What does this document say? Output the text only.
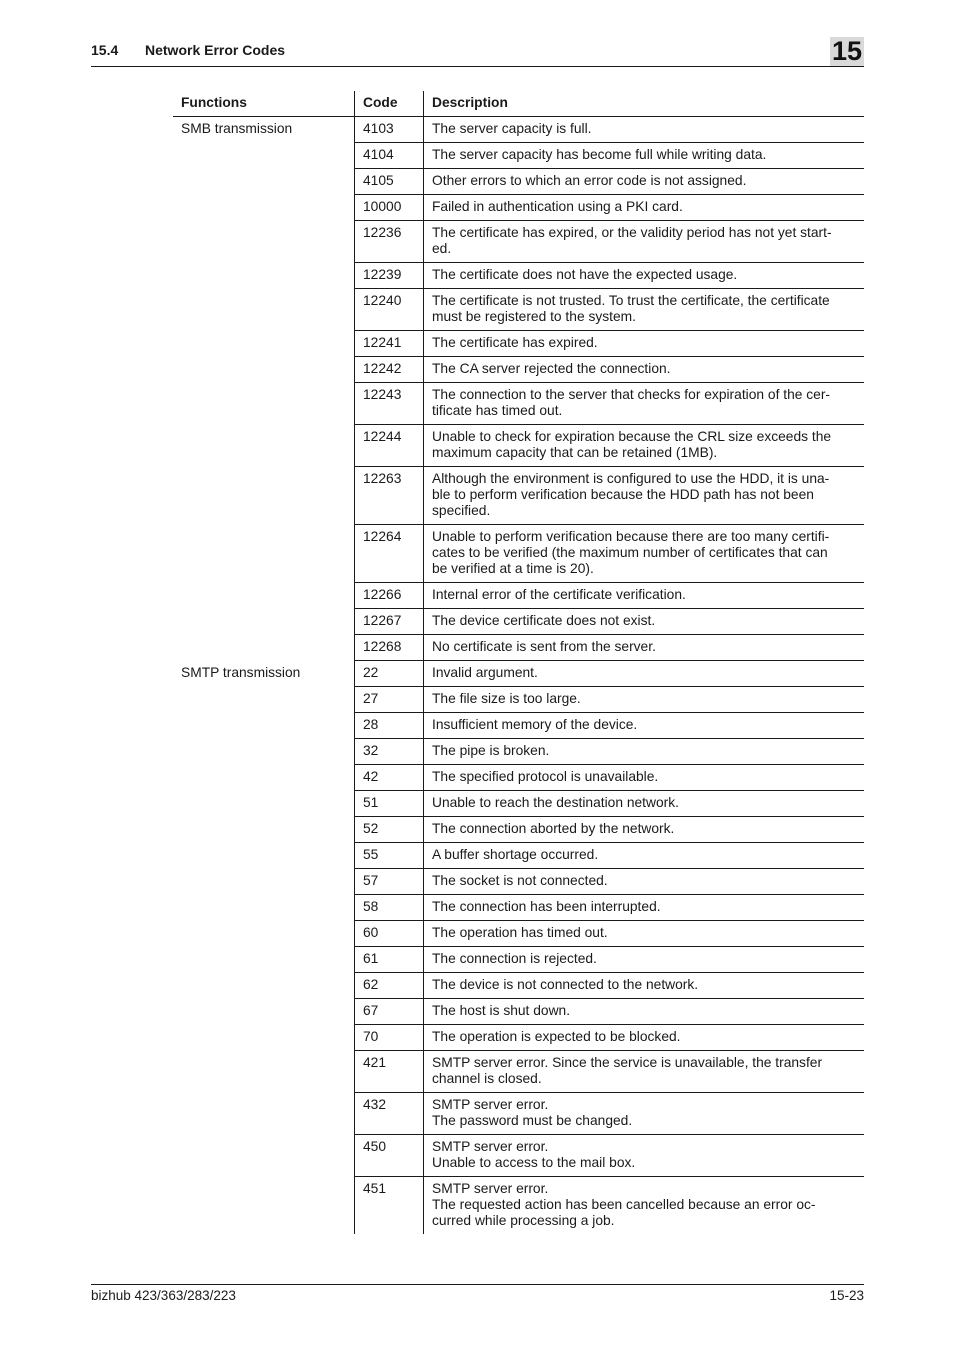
15.4 Network Error Codes	15
Functions	Code	Description
SMB transmission	4103	The server capacity is full.
	4104	The server capacity has become full while writing data.
	4105	Other errors to which an error code is not assigned.
	10000	Failed in authentication using a PKI card.
	12236	The certificate has expired, or the validity period has not yet start-
ed.
	12239	The certificate does not have the expected usage.
	12240	The certificate is not trusted. To trust the certificate, the certificate
must be registered to the system.
	12241	The certificate has expired.
	12242	The CA server rejected the connection.
	12243	The connection to the server that checks for expiration of the cer-
tificate has timed out.
	12244	Unable to check for expiration because the CRL size exceeds the
maximum capacity that can be retained (1MB).
	12263	Although the environment is configured to use the HDD, it is una-
ble to perform verification because the HDD path has not been
specified.
	12264	Unable to perform verification because there are too many certifi-
cates to be verified (the maximum number of certificates that can
be verified at a time is 20).
	12266	Internal error of the certificate verification.
	12267	The device certificate does not exist.
	12268	No certificate is sent from the server.
SMTP transmission	22	Invalid argument.
	27	The file size is too large.
	28	Insufficient memory of the device.
	32	The pipe is broken.
	42	The specified protocol is unavailable.
	51	Unable to reach the destination network.
	52	The connection aborted by the network.
	55	A buffer shortage occurred.
	57	The socket is not connected.
	58	The connection has been interrupted.
	60	The operation has timed out.
	61	The connection is rejected.
	62	The device is not connected to the network.
	67	The host is shut down.
	70	The operation is expected to be blocked.
	421	SMTP server error. Since the service is unavailable, the transfer
channel is closed.
	432	SMTP server error.
The password must be changed.
	450	SMTP server error.
Unable to access to the mail box.
	451	SMTP server error.
The requested action has been cancelled because an error oc-
curred while processing a job.
bizhub 423/363/283/223	15-23
